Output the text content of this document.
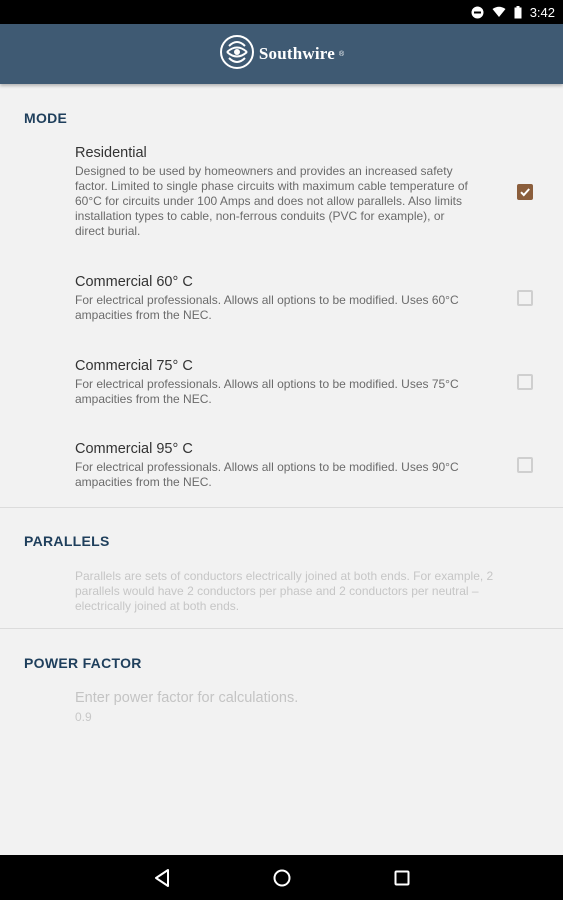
3:42
Southwire ®
MODE
Residential
Designed to be used by homeowners and provides an increased safety factor. Limited to single phase circuits with maximum cable temperature of 60°C for circuits under 100 Amps and does not allow parallels. Also limits installation types to cable, non-ferrous conduits (PVC for example), or direct burial.
Commercial 60° C
For electrical professionals. Allows all options to be modified. Uses 60°C ampacities from the NEC.
Commercial 75° C
For electrical professionals. Allows all options to be modified. Uses 75°C ampacities from the NEC.
Commercial 95° C
For electrical professionals. Allows all options to be modified. Uses 90°C ampacities from the NEC.
PARALLELS
Parallels are sets of conductors electrically joined at both ends. For example, 2 parallels would have 2 conductors per phase and 2 conductors per neutral – electrically joined at both ends.
POWER FACTOR
Enter power factor for calculations.
0.9
